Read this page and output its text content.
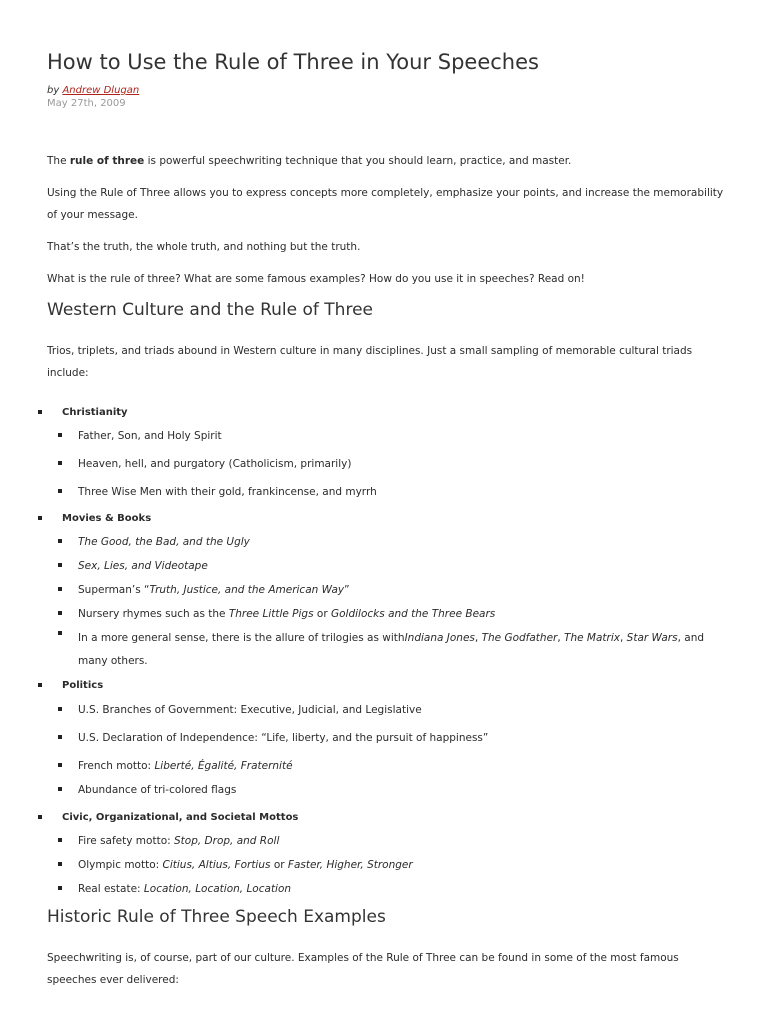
How to Use the Rule of Three in Your Speeches
by Andrew Dlugan
May 27th, 2009

The rule of three is powerful speechwriting technique that you should learn, practice, and master.

Using the Rule of Three allows you to express concepts more completely, emphasize your points, and increase the memorability of your message.

That’s the truth, the whole truth, and nothing but the truth.

What is the rule of three? What are some famous examples? How do you use it in speeches? Read on!

Western Culture and the Rule of Three

Trios, triplets, and triads abound in Western culture in many disciplines. Just a small sampling of memorable cultural triads include:

Christianity
Father, Son, and Holy Spirit
Heaven, hell, and purgatory (Catholicism, primarily)
Three Wise Men with their gold, frankincense, and myrrh
Movies & Books
The Good, the Bad, and the Ugly
Sex, Lies, and Videotape
Superman’s “Truth, Justice, and the American Way”
Nursery rhymes such as the Three Little Pigs or Goldilocks and the Three Bears
In a more general sense, there is the allure of trilogies as withIndiana Jones, The Godfather, The Matrix, Star Wars, and many others.
Politics
U.S. Branches of Government: Executive, Judicial, and Legislative
U.S. Declaration of Independence: “Life, liberty, and the pursuit of happiness”
French motto: Liberté, Égalité, Fraternité
Abundance of tri-colored flags
Civic, Organizational, and Societal Mottos
Fire safety motto: Stop, Drop, and Roll
Olympic motto: Citius, Altius, Fortius or Faster, Higher, Stronger
Real estate: Location, Location, Location
Historic Rule of Three Speech Examples

Speechwriting is, of course, part of our culture. Examples of the Rule of Three can be found in some of the most famous speeches ever delivered:
